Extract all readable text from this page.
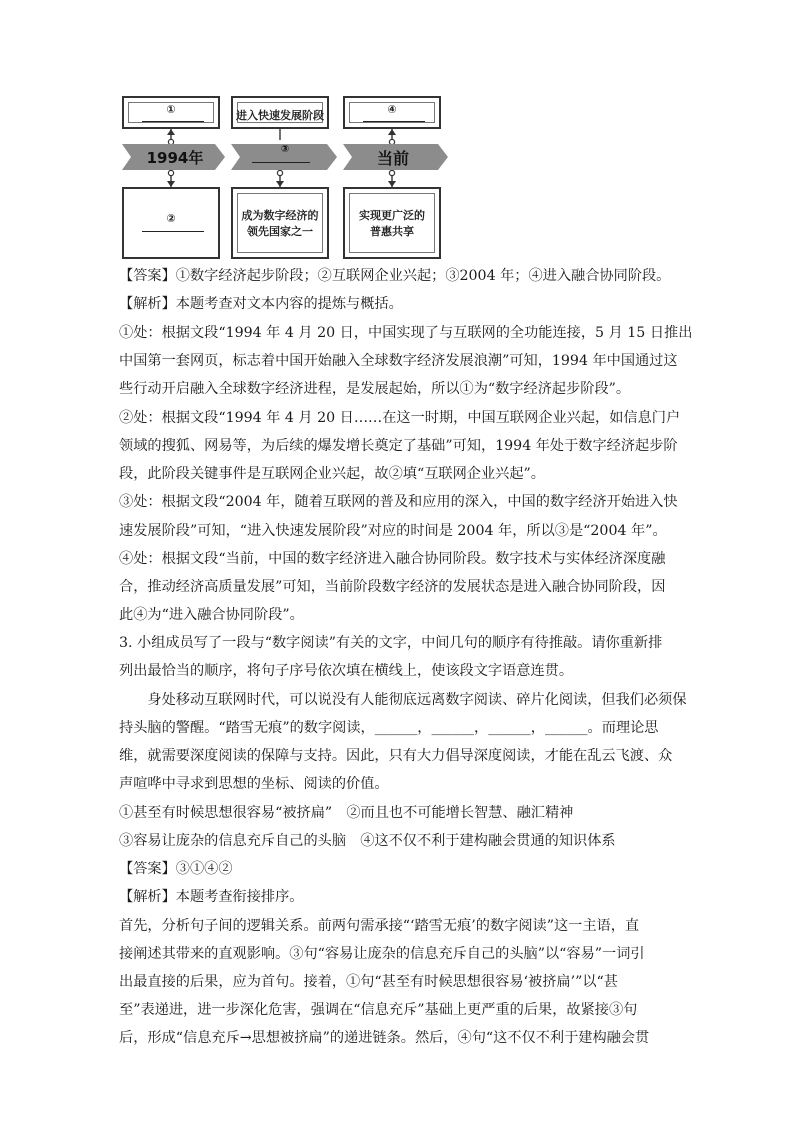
①	进入快速发展阶段	④
1994年	③	当前
②	成为数字经济的
领先国家之一
实现更广泛的
普惠共享
【答案】①数字经济起步阶段；②互联网企业兴起；③2004 年；④进入融合协同阶段。
【解析】本题考查对文本内容的提炼与概括。
①处：根据文段“1994 年 4 月 20 日，中国实现了与互联网的全功能连接，5 月 15 日推出
中国第一套网页，标志着中国开始融入全球数字经济发展浪潮”可知，1994 年中国通过这
些行动开启融入全球数字经济进程，是发展起始，所以①为“数字经济起步阶段”。
②处：根据文段“1994 年 4 月 20 日……在这一时期，中国互联网企业兴起，如信息门户
领域的搜狐、网易等，为后续的爆发增长奠定了基础”可知，1994 年处于数字经济起步阶
段，此阶段关键事件是互联网企业兴起，故②填“互联网企业兴起”。
③处：根据文段“2004 年，随着互联网的普及和应用的深入，中国的数字经济开始进入快
速发展阶段”可知，“进入快速发展阶段”对应的时间是 2004 年，所以③是“2004 年”。
④处：根据文段“当前，中国的数字经济进入融合协同阶段。数字技术与实体经济深度融
合，推动经济高质量发展”可知，当前阶段数字经济的发展状态是进入融合协同阶段，因
此④为“进入融合协同阶段”。
3. 小组成员写了一段与“数字阅读”有关的文字，中间几句的顺序有待推敲。请你重新排
列出最恰当的顺序，将句子序号依次填在横线上，使该段文字语意连贯。
　　身处移动互联网时代，可以说没有人能彻底远离数字阅读、碎片化阅读，但我们必须保
持头脑的警醒。“踏雪无痕”的数字阅读，______，______，______，______。而理论思
维，就需要深度阅读的保障与支持。因此，只有大力倡导深度阅读，才能在乱云飞渡、众
声喧哗中寻求到思想的坐标、阅读的价值。
①甚至有时候思想很容易“被挤扁”　②而且也不可能增长智慧、融汇精神
③容易让庞杂的信息充斥自己的头脑　④这不仅不利于建构融会贯通的知识体系
【答案】③①④②
【解析】本题考查衔接排序。
首先，分析句子间的逻辑关系。前两句需承接“‘踏雪无痕’的数字阅读”这一主语，直
接阐述其带来的直观影响。③句“容易让庞杂的信息充斥自己的头脑”以“容易”一词引
出最直接的后果，应为首句。接着，①句“甚至有时候思想很容易‘被挤扁’”以“甚
至”表递进，进一步深化危害，强调在“信息充斥”基础上更严重的后果，故紧接③句
后，形成“信息充斥→思想被挤扁”的递进链条。然后，④句“这不仅不利于建构融会贯
